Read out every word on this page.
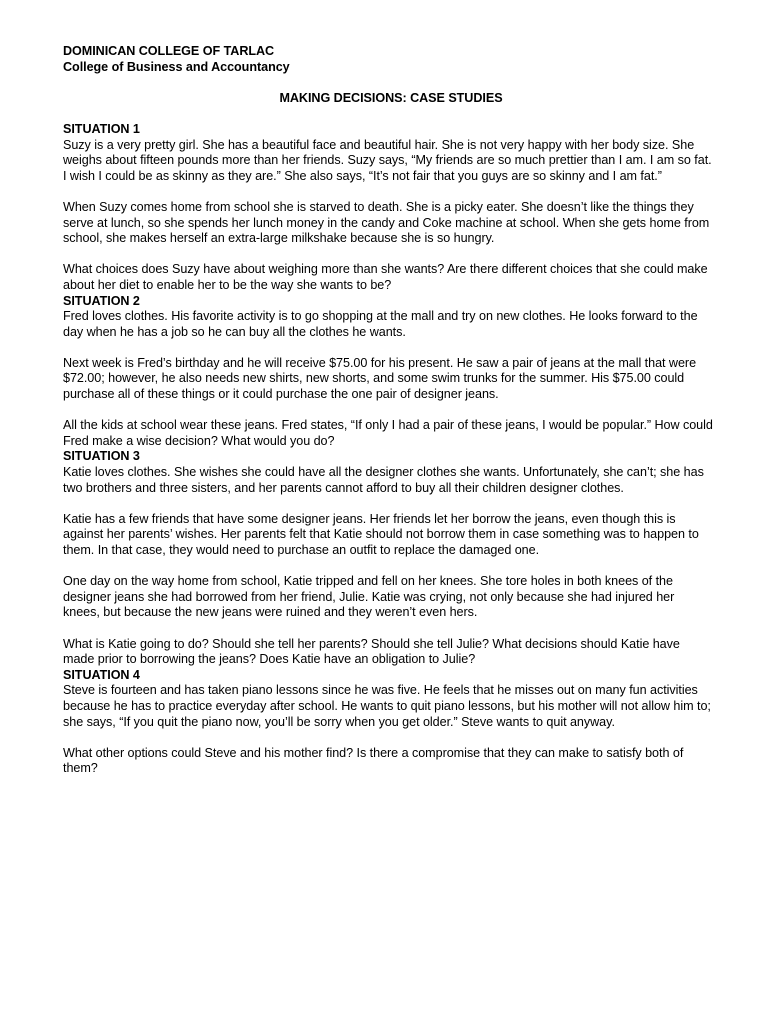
DOMINICAN COLLEGE OF TARLAC

College of Business and Accountancy

MAKING DECISIONS: CASE STUDIES

SITUATION 1

Suzy is a very pretty girl. She has a beautiful face and beautiful hair. She is not very happy with her body size. She weighs about fifteen pounds more than her friends. Suzy says, “My friends are so much prettier than I am. I am so fat. I wish I could be as skinny as they are.” She also says, “It’s not fair that you guys are so skinny and I am fat.”

When Suzy comes home from school she is starved to death. She is a picky eater. She doesn’t like the things they serve at lunch, so she spends her lunch money in the candy and Coke machine at school. When she gets home from school, she makes herself an extra-large milkshake because she is so hungry.

What choices does Suzy have about weighing more than she wants? Are there different choices that she could make about her diet to enable her to be the way she wants to be?

SITUATION 2

Fred loves clothes. His favorite activity is to go shopping at the mall and try on new clothes. He looks forward to the day when he has a job so he can buy all the clothes he wants.

Next week is Fred’s birthday and he will receive $75.00 for his present. He saw a pair of jeans at the mall that were $72.00; however, he also needs new shirts, new shorts, and some swim trunks for the summer. His $75.00 could purchase all of these things or it could purchase the one pair of designer jeans.

All the kids at school wear these jeans. Fred states, “If only I had a pair of these jeans, I would be popular.” How could Fred make a wise decision? What would you do?

SITUATION 3

Katie loves clothes. She wishes she could have all the designer clothes she wants. Unfortunately, she can’t; she has two brothers and three sisters, and her parents cannot afford to buy all their children designer clothes.

Katie has a few friends that have some designer jeans. Her friends let her borrow the jeans, even though this is against her parents’ wishes. Her parents felt that Katie should not borrow them in case something was to happen to them. In that case, they would need to purchase an outfit to replace the damaged one.

One day on the way home from school, Katie tripped and fell on her knees. She tore holes in both knees of the designer jeans she had borrowed from her friend, Julie. Katie was crying, not only because she had injured her knees, but because the new jeans were ruined and they weren’t even hers.

What is Katie going to do? Should she tell her parents? Should she tell Julie? What decisions should Katie have made prior to borrowing the jeans? Does Katie have an obligation to Julie?

SITUATION 4

Steve is fourteen and has taken piano lessons since he was five. He feels that he misses out on many fun activities because he has to practice everyday after school. He wants to quit piano lessons, but his mother will not allow him to; she says, “If you quit the piano now, you’ll be sorry when you get older.” Steve wants to quit anyway.

What other options could Steve and his mother find? Is there a compromise that they can make to satisfy both of them?
